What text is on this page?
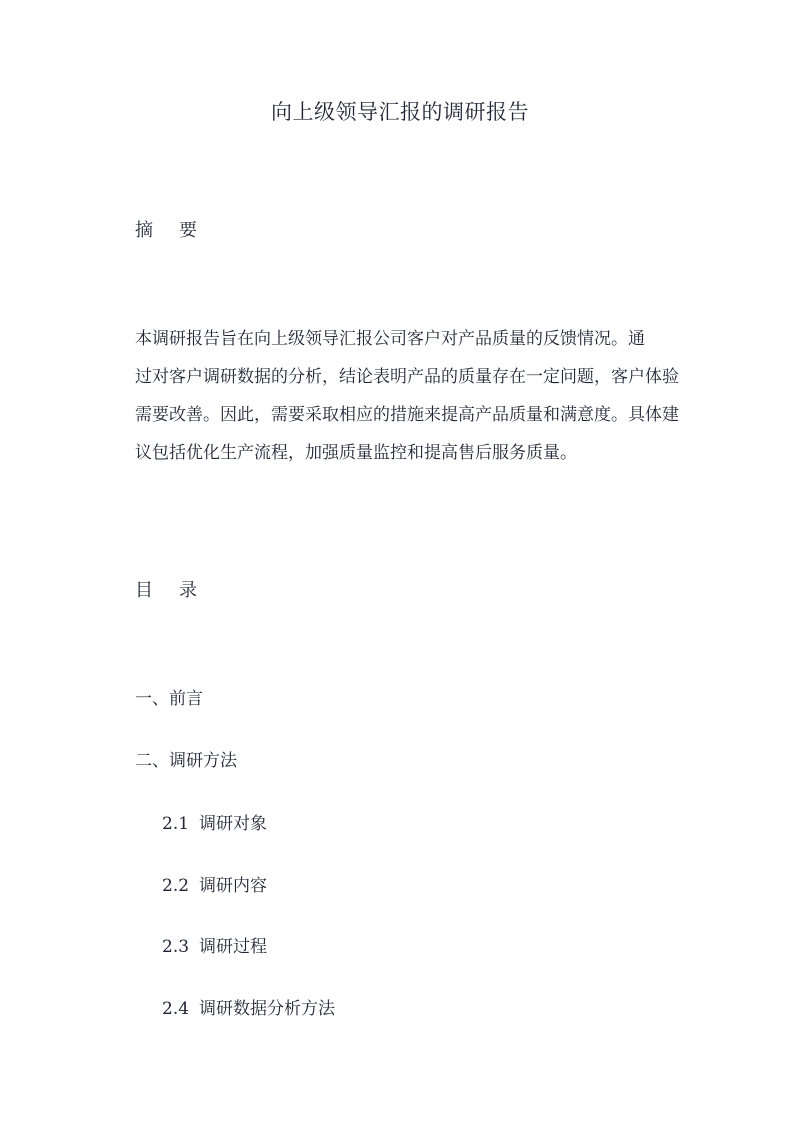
向上级领导汇报的调研报告
摘要
本调研报告旨在向上级领导汇报公司客户对产品质量的反馈情况。通
过对客户调研数据的分析，结论表明产品的质量存在一定问题，客户体验
需要改善。因此，需要采取相应的措施来提高产品质量和满意度。具体建
议包括优化生产流程，加强质量监控和提高售后服务质量。
目录
一、前言
二、调研方法
2.1 调研对象
2.2 调研内容
2.3 调研过程
2.4 调研数据分析方法
